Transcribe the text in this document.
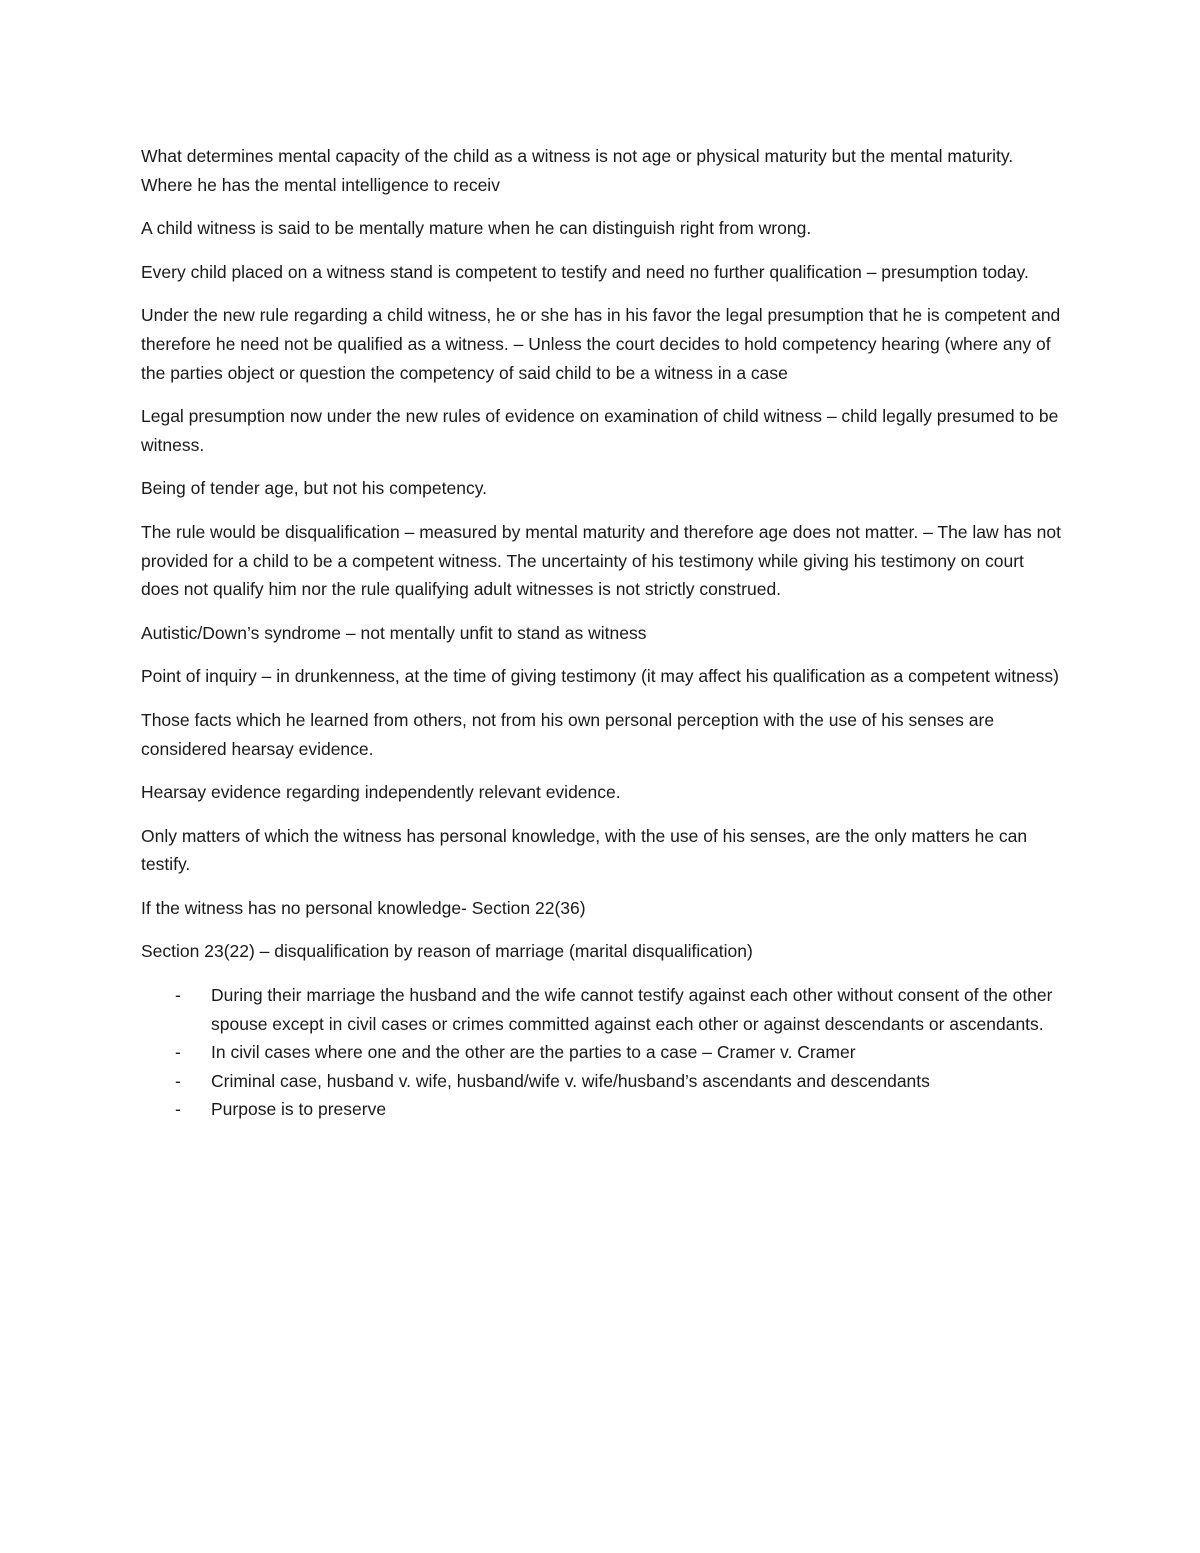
What determines mental capacity of the child as a witness is not age or physical maturity but the mental maturity. Where he has the mental intelligence to receiv

A child witness is said to be mentally mature when he can distinguish right from wrong.

Every child placed on a witness stand is competent to testify and need no further qualification – presumption today.

Under the new rule regarding a child witness, he or she has in his favor the legal presumption that he is competent and therefore he need not be qualified as a witness. – Unless the court decides to hold competency hearing (where any of the parties object or question the competency of said child to be a witness in a case

Legal presumption now under the new rules of evidence on examination of child witness – child legally presumed to be witness.

Being of tender age, but not his competency.

The rule would be disqualification – measured by mental maturity and therefore age does not matter. – The law has not provided for a child to be a competent witness. The uncertainty of his testimony while giving his testimony on court does not qualify him nor the rule qualifying adult witnesses is not strictly construed.

Autistic/Down’s syndrome – not mentally unfit to stand as witness

Point of inquiry – in drunkenness, at the time of giving testimony (it may affect his qualification as a competent witness)

Those facts which he learned from others, not from his own personal perception with the use of his senses are considered hearsay evidence.

Hearsay evidence regarding independently relevant evidence.

Only matters of which the witness has personal knowledge, with the use of his senses, are the only matters he can testify.

If the witness has no personal knowledge- Section 22(36)

Section 23(22) – disqualification by reason of marriage (marital disqualification)

- During their marriage the husband and the wife cannot testify against each other without consent of the other spouse except in civil cases or crimes committed against each other or against descendants or ascendants.
- In civil cases where one and the other are the parties to a case – Cramer v. Cramer
- Criminal case, husband v. wife, husband/wife v. wife/husband’s ascendants and descendants
- Purpose is to preserve
